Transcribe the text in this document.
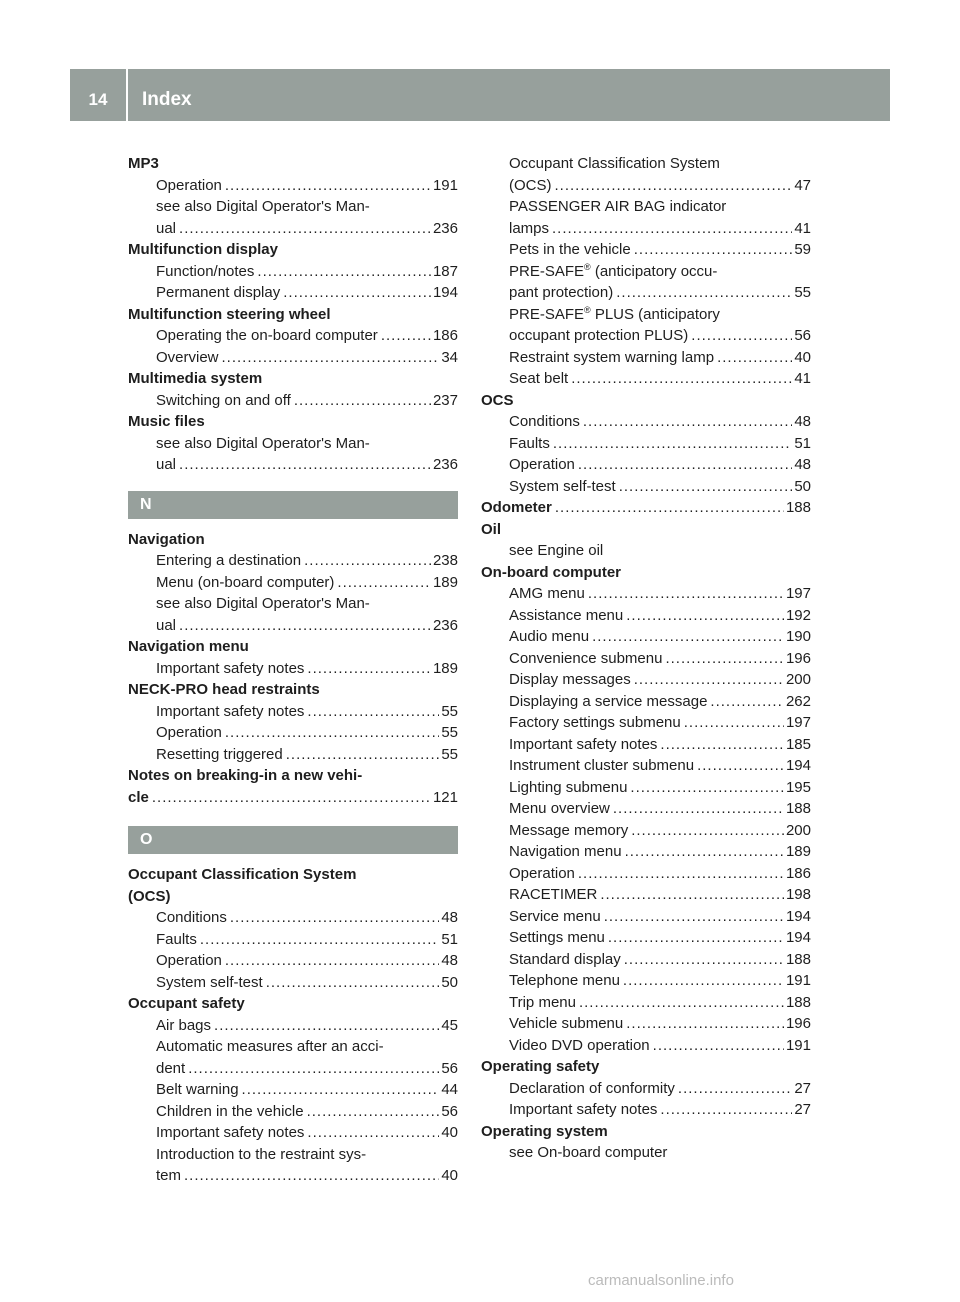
14	Index
MP3
Operation .....	191
see also Digital Operator's Man-
ual .....	236
Multifunction display
Function/notes .....	187
Permanent display .....	194
Multifunction steering wheel
Operating the on-board computer .....	186
Overview .....	34
Multimedia system
Switching on and off .....	237
Music files
see also Digital Operator's Man-
ual .....	236
N
Navigation
Entering a destination .....	238
Menu (on-board computer) .....	189
see also Digital Operator's Man-
ual .....	236
Navigation menu
Important safety notes .....	189
NECK-PRO head restraints
Important safety notes .....	55
Operation .....	55
Resetting triggered .....	55
Notes on breaking-in a new vehi-
cle .....	121
O
Occupant Classification System
(OCS)
Conditions .....	48
Faults .....	51
Operation .....	48
System self-test .....	50
Occupant safety
Air bags .....	45
Automatic measures after an acci-
dent .....	56
Belt warning .....	44
Children in the vehicle .....	56
Important safety notes .....	40
Introduction to the restraint sys-
tem .....	40
Occupant Classification System
(OCS) .....	47
PASSENGER AIR BAG indicator
lamps .....	41
Pets in the vehicle .....	59
PRE-SAFE® (anticipatory occu-
pant protection) .....	55
PRE-SAFE® PLUS (anticipatory
occupant protection PLUS) .....	56
Restraint system warning lamp .....	40
Seat belt .....	41
OCS
Conditions .....	48
Faults .....	51
Operation .....	48
System self-test .....	50
Odometer .....	188
Oil
see Engine oil
On-board computer
AMG menu .....	197
Assistance menu .....	192
Audio menu .....	190
Convenience submenu .....	196
Display messages .....	200
Displaying a service message .....	262
Factory settings submenu .....	197
Important safety notes .....	185
Instrument cluster submenu .....	194
Lighting submenu .....	195
Menu overview .....	188
Message memory .....	200
Navigation menu .....	189
Operation .....	186
RACETIMER .....	198
Service menu .....	194
Settings menu .....	194
Standard display .....	188
Telephone menu .....	191
Trip menu .....	188
Vehicle submenu .....	196
Video DVD operation .....	191
Operating safety
Declaration of conformity .....	27
Important safety notes .....	27
Operating system
see On-board computer
carmanualsonline.info
